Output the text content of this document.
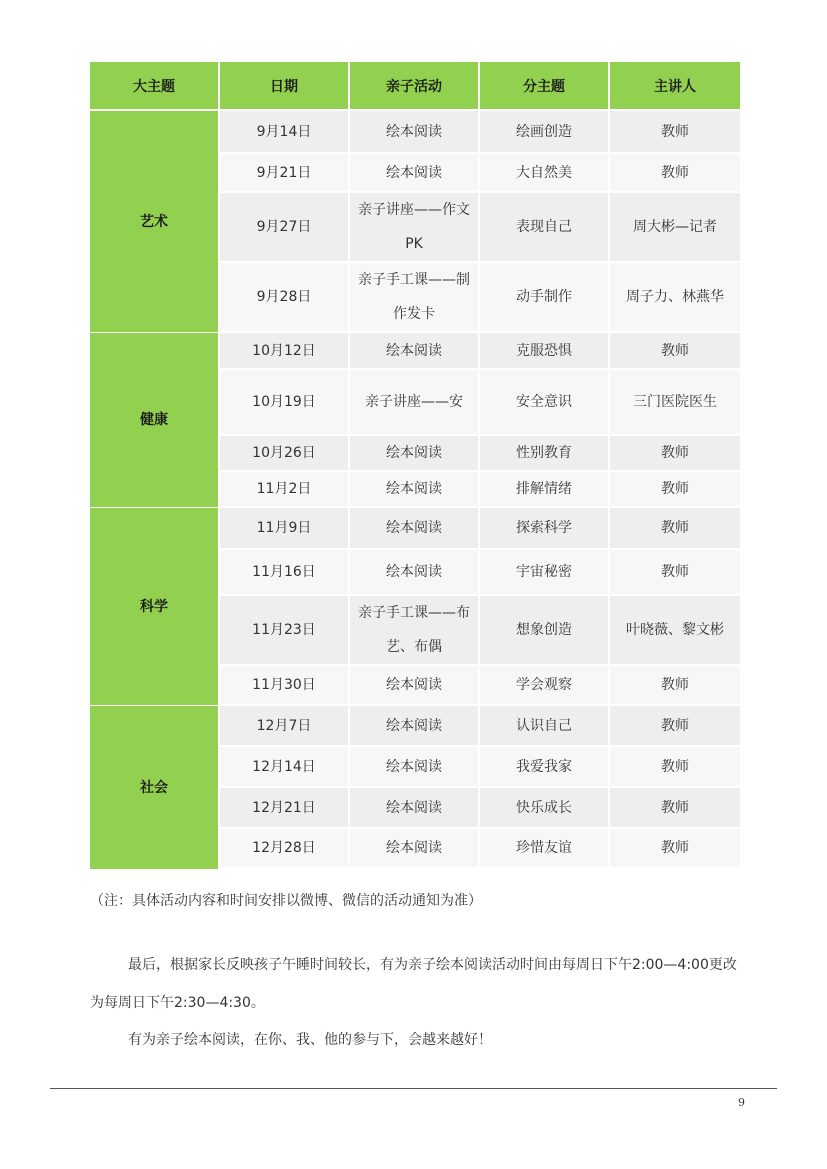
大主题	日期	亲子活动	分主题	主讲人
艺术	9月14日	绘本阅读	绘画创造	教师
	9月21日	绘本阅读	大自然美	教师
	9月27日	亲子讲座——作文PK	表现自己	周大彬—记者
	9月28日	亲子手工课——制作发卡	动手制作	周子力、林燕华
健康	10月12日	绘本阅读	克服恐惧	教师
	10月19日	亲子讲座——安	安全意识	三门医院医生
	10月26日	绘本阅读	性别教育	教师
	11月2日	绘本阅读	排解情绪	教师
科学	11月9日	绘本阅读	探索科学	教师
	11月16日	绘本阅读	宇宙秘密	教师
	11月23日	亲子手工课——布艺、布偶	想象创造	叶晓薇、黎文彬
	11月30日	绘本阅读	学会观察	教师
社会	12月7日	绘本阅读	认识自己	教师
	12月14日	绘本阅读	我爱我家	教师
	12月21日	绘本阅读	快乐成长	教师
	12月28日	绘本阅读	珍惜友谊	教师
（注：具体活动内容和时间安排以微博、微信的活动通知为准）
最后，根据家长反映孩子午睡时间较长，有为亲子绘本阅读活动时间由每周日下午2:00—4:00更改为每周日下午2:30—4:30。
有为亲子绘本阅读，在你、我、他的参与下，会越来越好！
9
